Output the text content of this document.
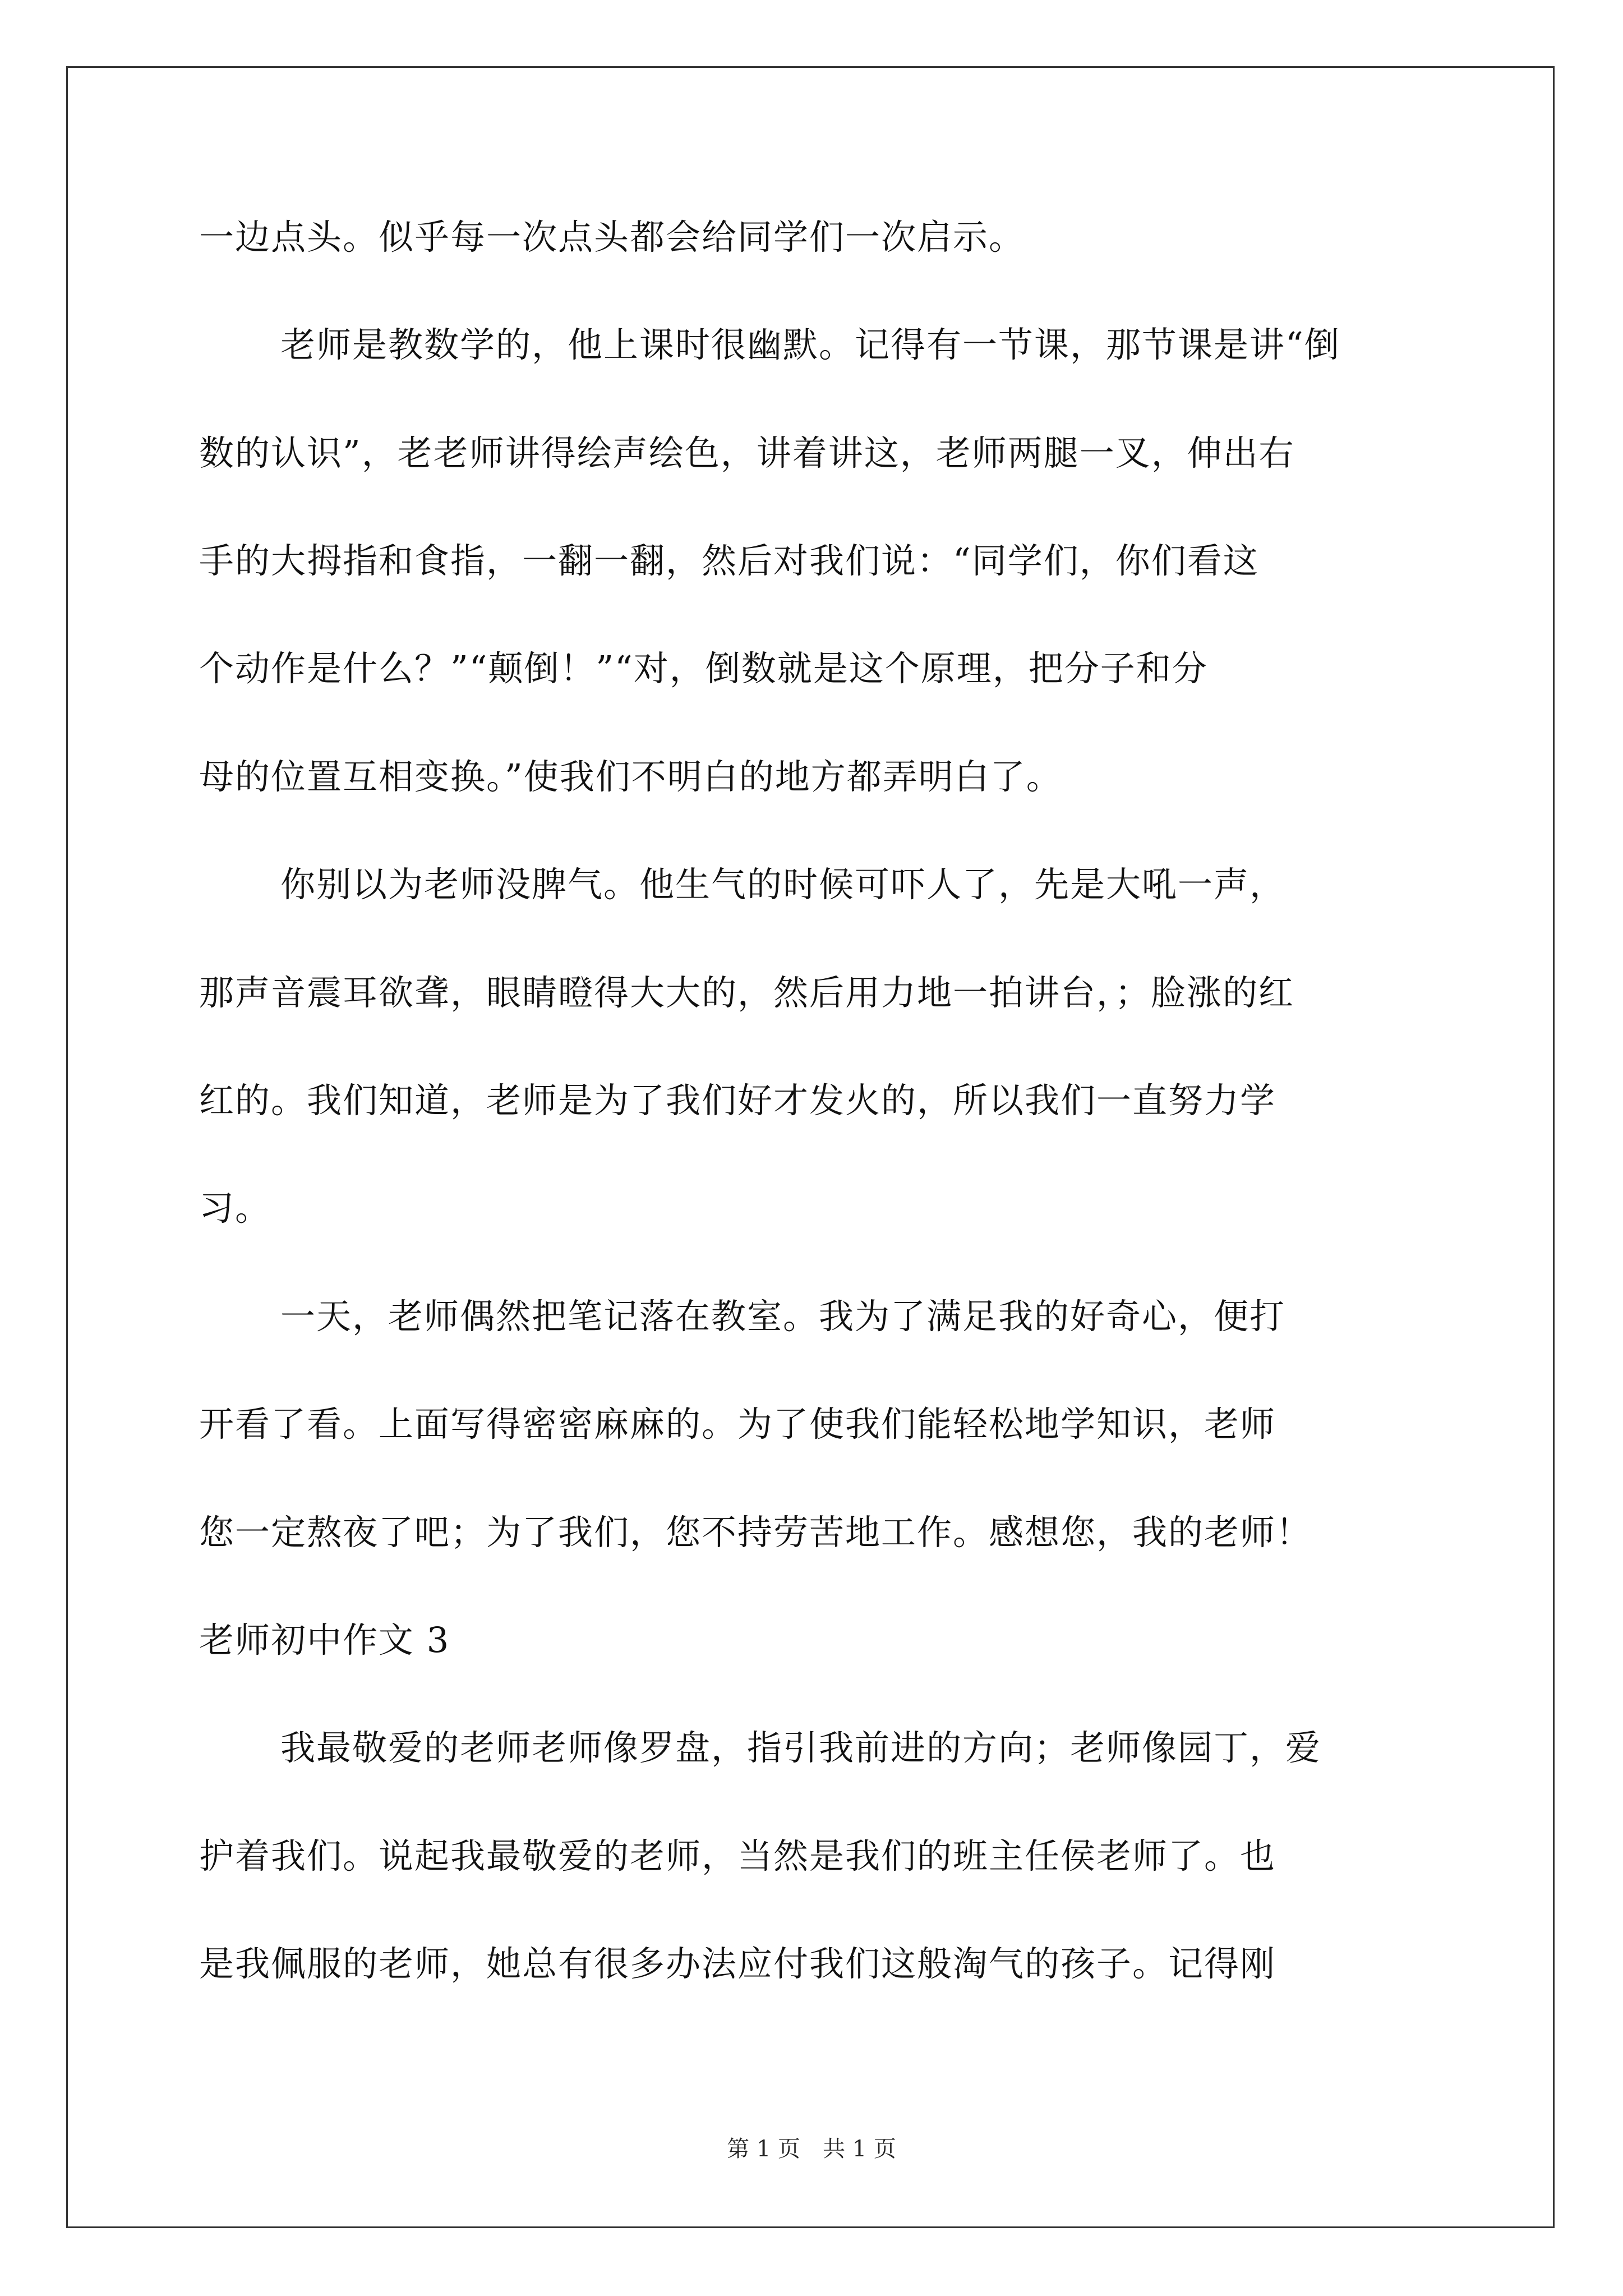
一边点头。似乎每一次点头都会给同学们一次启示。
老师是教数学的，他上课时很幽默。记得有一节课，那节课是讲“倒
数的认识”，老老师讲得绘声绘色，讲着讲这，老师两腿一叉，伸出右
手的大拇指和食指，一翻一翻，然后对我们说：“同学们，你们看这
个动作是什么？”“颠倒！”“对，倒数就是这个原理，把分子和分
母的位置互相变换。”使我们不明白的地方都弄明白了。
你别以为老师没脾气。他生气的时候可吓人了，先是大吼一声，
那声音震耳欲聋，眼睛瞪得大大的，然后用力地一拍讲台，；脸涨的红
红的。我们知道，老师是为了我们好才发火的，所以我们一直努力学
习。
一天，老师偶然把笔记落在教室。我为了满足我的好奇心，便打
开看了看。上面写得密密麻麻的。为了使我们能轻松地学知识，老师
您一定熬夜了吧；为了我们，您不持劳苦地工作。感想您，我的老师！
老师初中作文 3
我最敬爱的老师老师像罗盘，指引我前进的方向；老师像园丁，爱
护着我们。说起我最敬爱的老师，当然是我们的班主任侯老师了。也
是我佩服的老师，她总有很多办法应付我们这般淘气的孩子。记得刚
第 1 页　共 1 页
